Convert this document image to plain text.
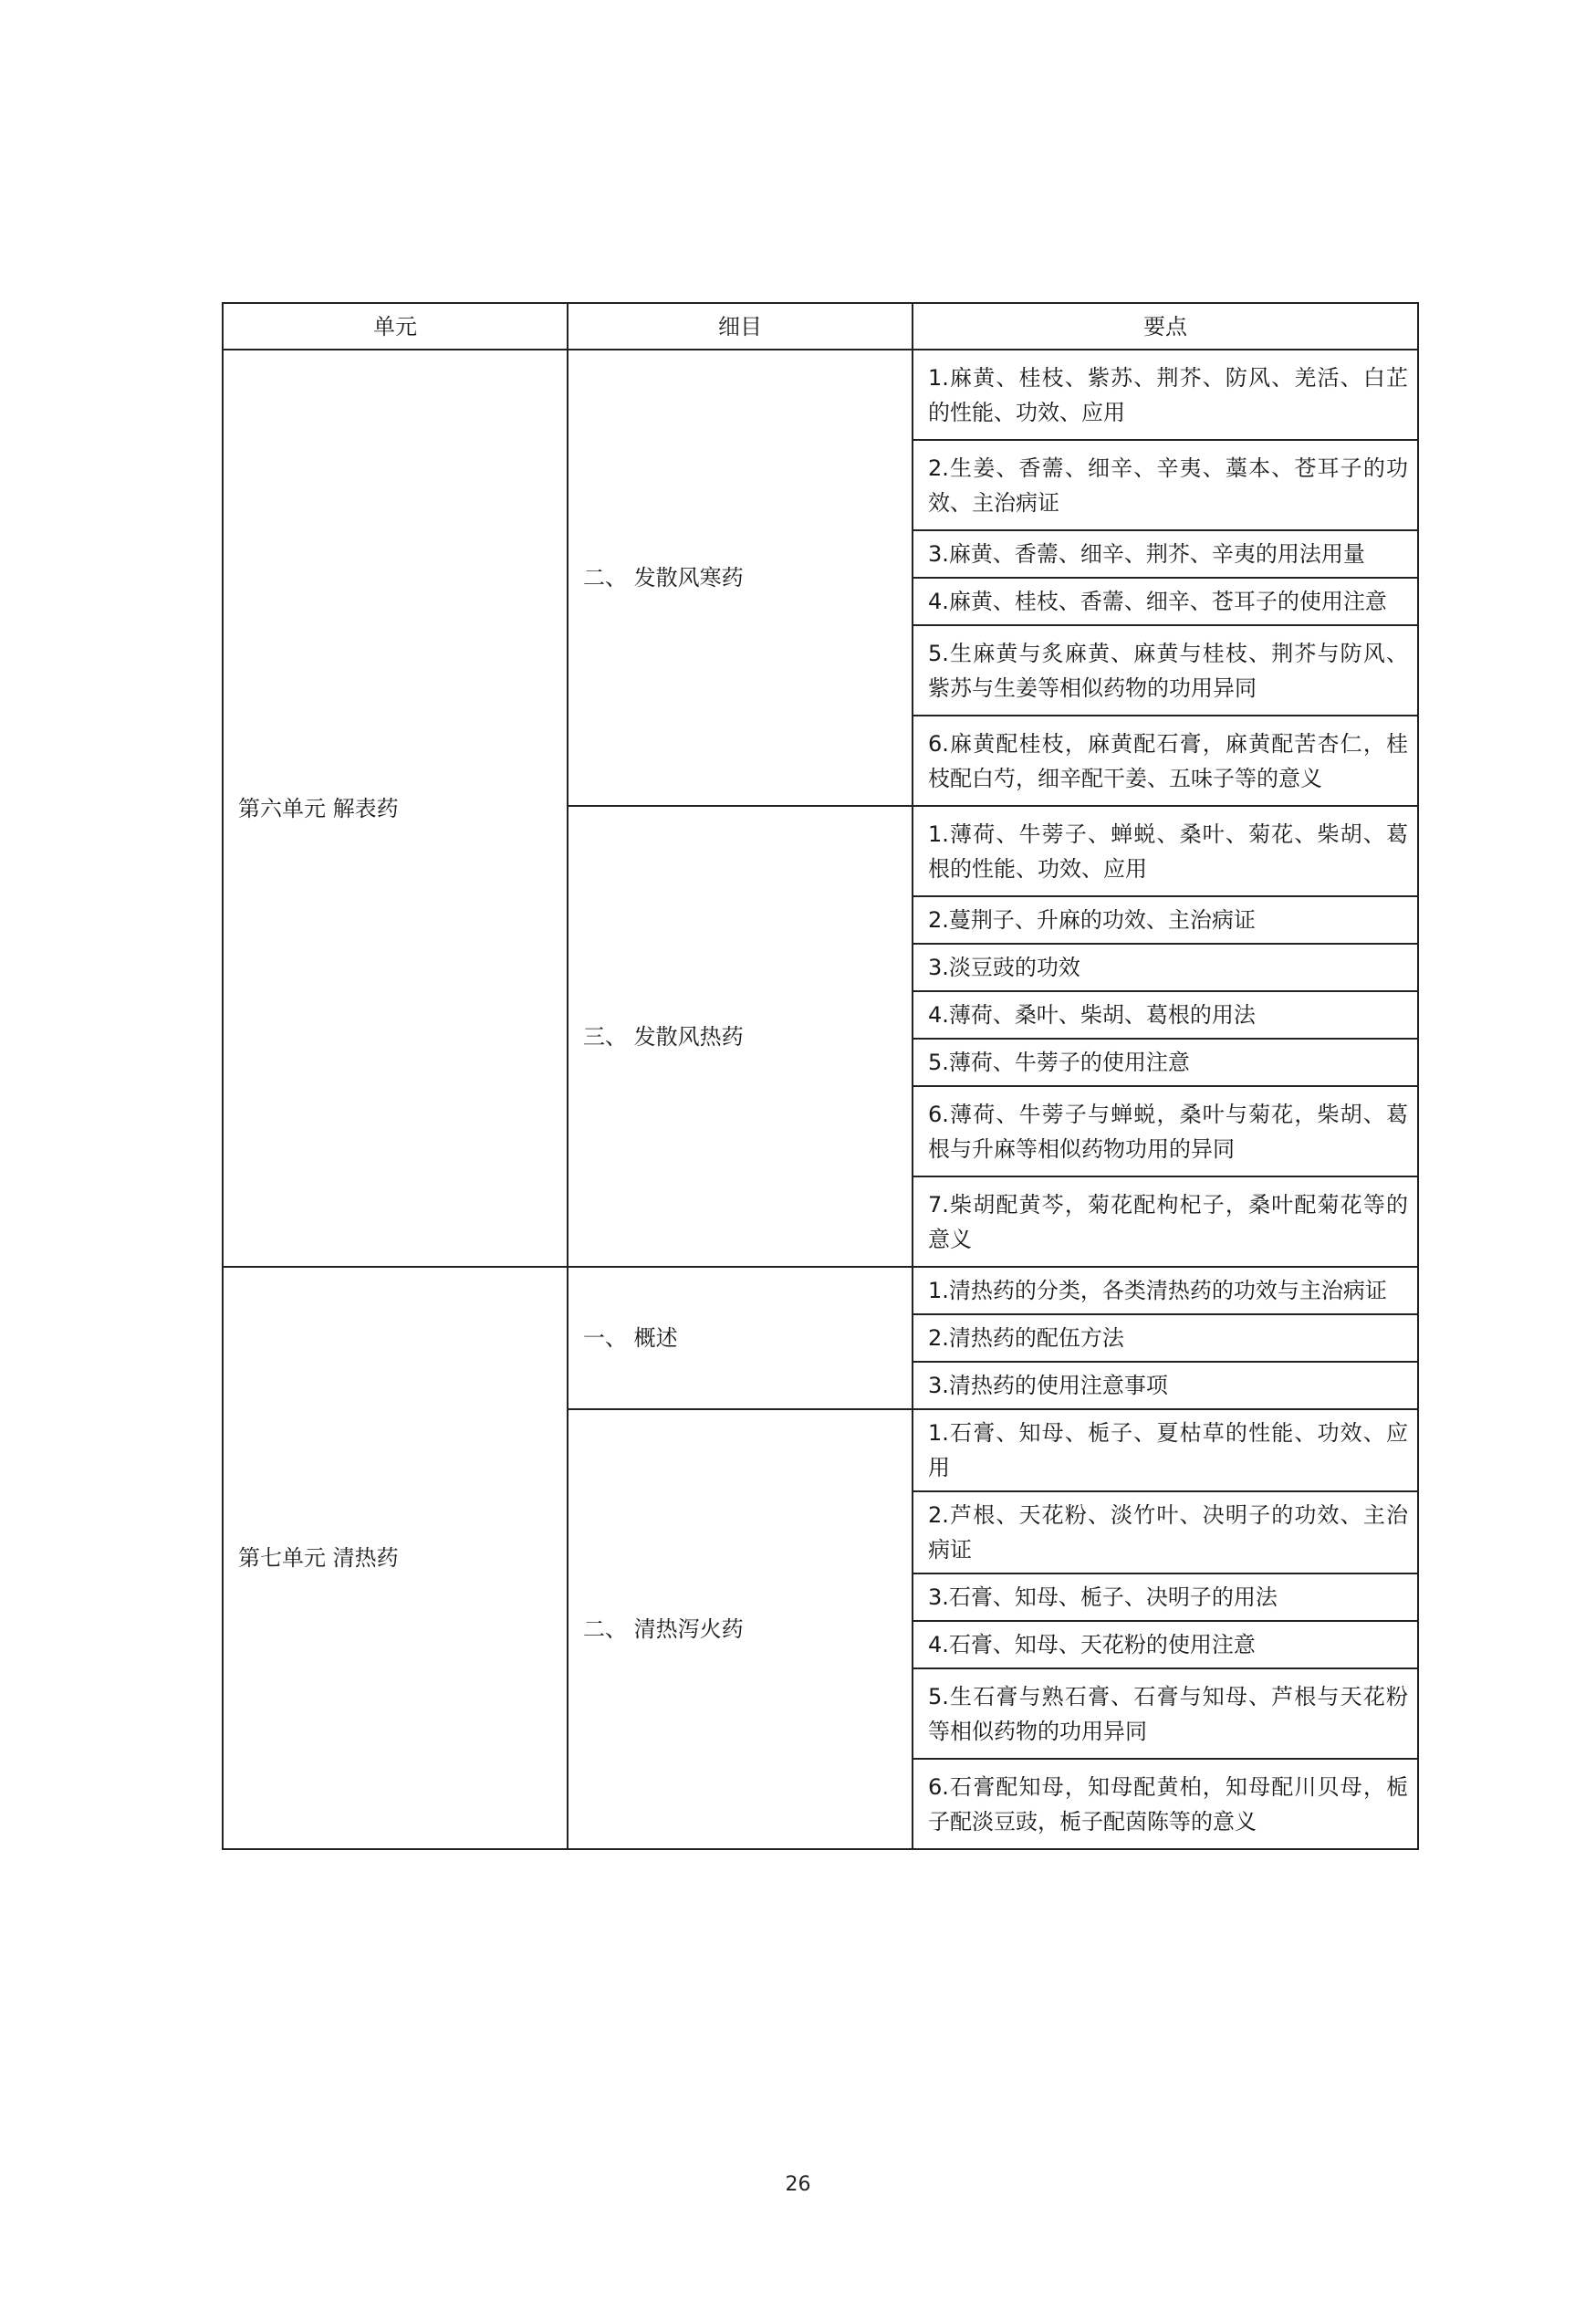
单元	细目	要点
第六单元 解表药	二、 发散风寒药	1.麻黄、桂枝、紫苏、荆芥、防风、羌活、白芷的性能、功效、应用
		2.生姜、香薷、细辛、辛夷、藁本、苍耳子的功效、主治病证
		3.麻黄、香薷、细辛、荆芥、辛夷的用法用量
		4.麻黄、桂枝、香薷、细辛、苍耳子的使用注意
		5.生麻黄与炙麻黄、麻黄与桂枝、荆芥与防风、紫苏与生姜等相似药物的功用异同
		6.麻黄配桂枝，麻黄配石膏，麻黄配苦杏仁，桂枝配白芍，细辛配干姜、五味子等的意义
	三、 发散风热药	1.薄荷、牛蒡子、蝉蜕、桑叶、菊花、柴胡、葛根的性能、功效、应用
		2.蔓荆子、升麻的功效、主治病证
		3.淡豆豉的功效
		4.薄荷、桑叶、柴胡、葛根的用法
		5.薄荷、牛蒡子的使用注意
		6.薄荷、牛蒡子与蝉蜕，桑叶与菊花，柴胡、葛根与升麻等相似药物功用的异同
		7.柴胡配黄芩，菊花配枸杞子，桑叶配菊花等的意义
第七单元 清热药	一、 概述	1.清热药的分类，各类清热药的功效与主治病证
		2.清热药的配伍方法
		3.清热药的使用注意事项
	二、 清热泻火药	1.石膏、知母、栀子、夏枯草的性能、功效、应用
		2.芦根、天花粉、淡竹叶、决明子的功效、主治病证
		3.石膏、知母、栀子、决明子的用法
		4.石膏、知母、天花粉的使用注意
		5.生石膏与熟石膏、石膏与知母、芦根与天花粉等相似药物的功用异同
		6.石膏配知母，知母配黄柏，知母配川贝母，栀子配淡豆豉，栀子配茵陈等的意义
26
